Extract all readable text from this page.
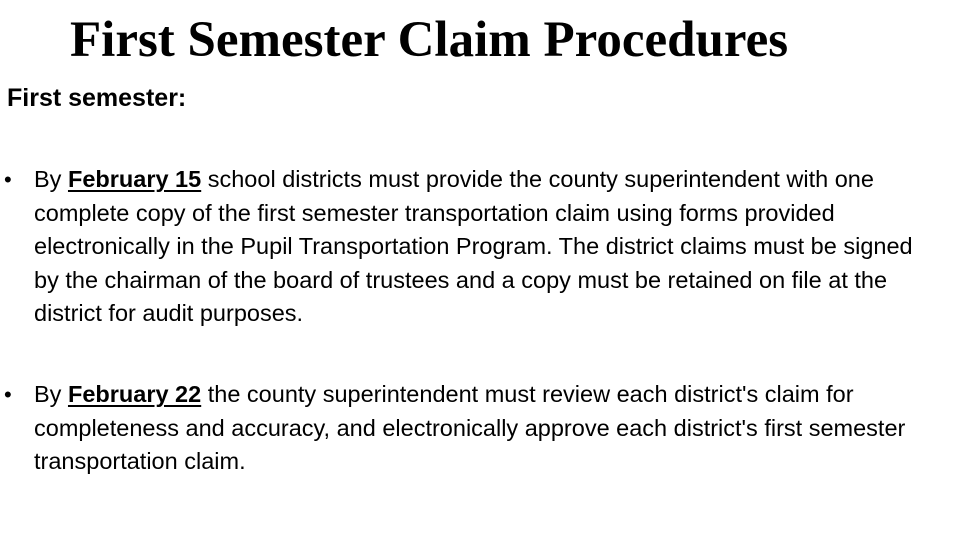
First Semester Claim Procedures
First semester:
• By February 15 school districts must provide the county superintendent with one complete copy of the first semester transportation claim using forms provided electronically in the Pupil Transportation Program. The district claims must be signed by the chairman of the board of trustees and a copy must be retained on file at the district for audit purposes.
• By February 22 the county superintendent must review each district's claim for completeness and accuracy, and electronically approve each district's first semester transportation claim.
